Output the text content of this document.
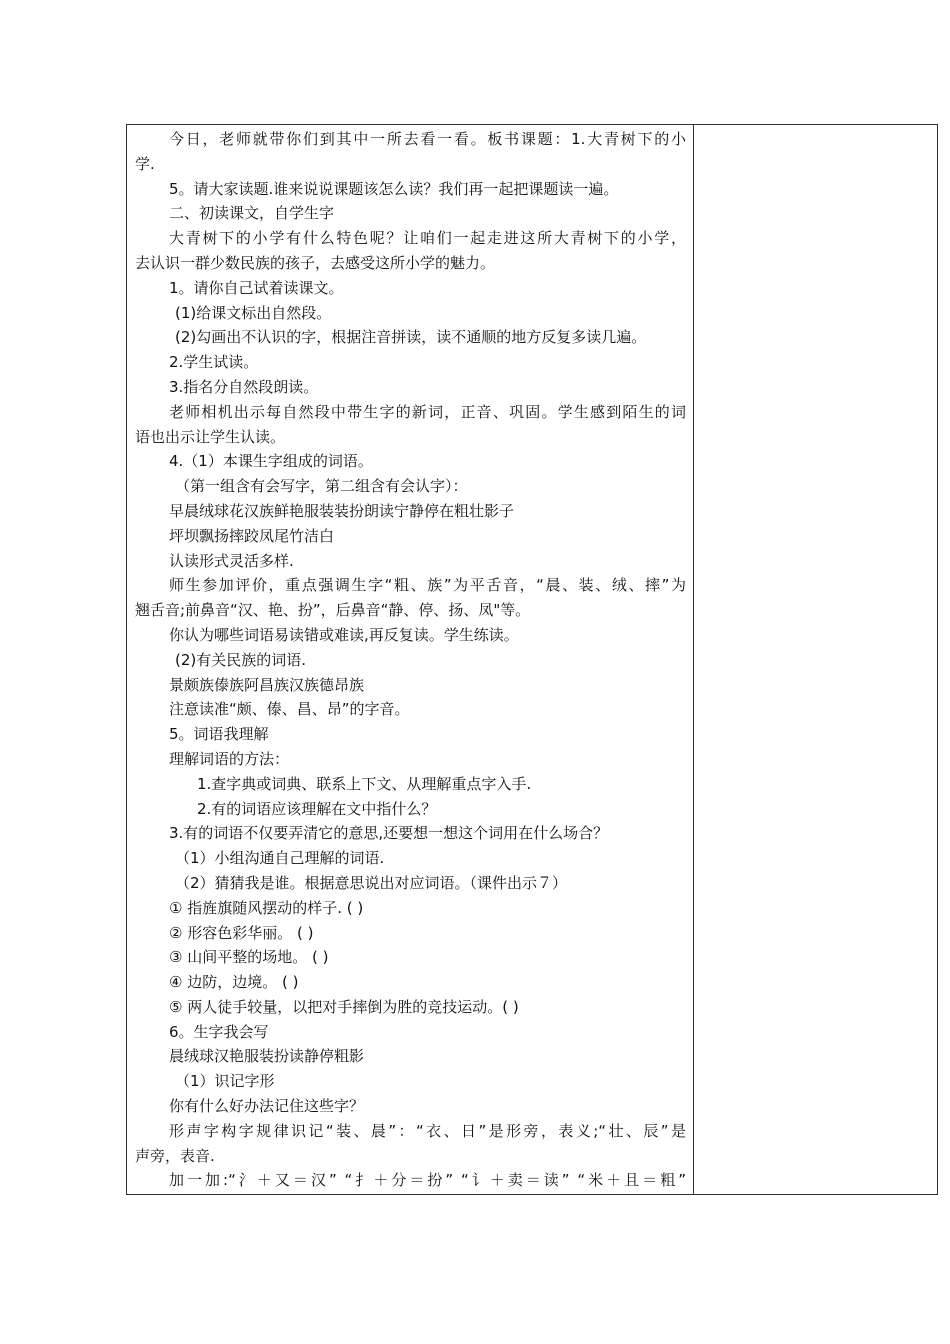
今日，老师就带你们到其中一所去看一看。板书课题：1.大青树下的小
学.
5。请大家读题.谁来说说课题该怎么读？我们再一起把课题读一遍。
二、初读课文，自学生字
大青树下的小学有什么特色呢？让咱们一起走进这所大青树下的小学，
去认识一群少数民族的孩子，去感受这所小学的魅力。
1。请你自己试着读课文。
(1)给课文标出自然段。
(2)勾画出不认识的字，根据注音拼读，读不通顺的地方反复多读几遍。
2.学生试读。
3.指名分自然段朗读。
老师相机出示每自然段中带生字的新词，正音、巩固。学生感到陌生的词
语也出示让学生认读。
4.（1）本课生字组成的词语。
（第一组含有会写字，第二组含有会认字）：
早晨绒球花汉族鲜艳服装装扮朗读宁静停在粗壮影子
坪坝飘扬摔跤凤尾竹洁白
认读形式灵活多样.
师生参加评价，重点强调生字“粗、族”为平舌音，“晨、装、绒、摔”为
翘舌音;前鼻音“汉、艳、扮”，后鼻音“静、停、扬、凤"等。
你认为哪些词语易读错或难读,再反复读。学生练读。
(2)有关民族的词语.
景颇族傣族阿昌族汉族德昂族
注意读准“颇、傣、昌、昂”的字音。
5。词语我理解
理解词语的方法：
1.查字典或词典、联系上下文、从理解重点字入手.
2.有的词语应该理解在文中指什么？
3.有的词语不仅要弄清它的意思,还要想一想这个词用在什么场合？
（1）小组沟通自己理解的词语.
（2）猜猜我是谁。根据意思说出对应词语。（课件出示７）
① 指旌旗随风摆动的样子. ( )
② 形容色彩华丽。 ( )
③ 山间平整的场地。 ( )
④ 边防，边境。 ( )
⑤ 两人徒手较量，以把对手摔倒为胜的竞技运动。( )
6。生字我会写
晨绒球汉艳服装扮读静停粗影
（1）识记字形
你有什么好办法记住这些字？
形声字构字规律识记“装、晨”：“衣、日”是形旁，表义;“壮、辰”是
声旁，表音.
加一加:“氵＋又＝汉” “扌＋分＝扮” “讠＋卖＝读” “米＋且＝粗”
